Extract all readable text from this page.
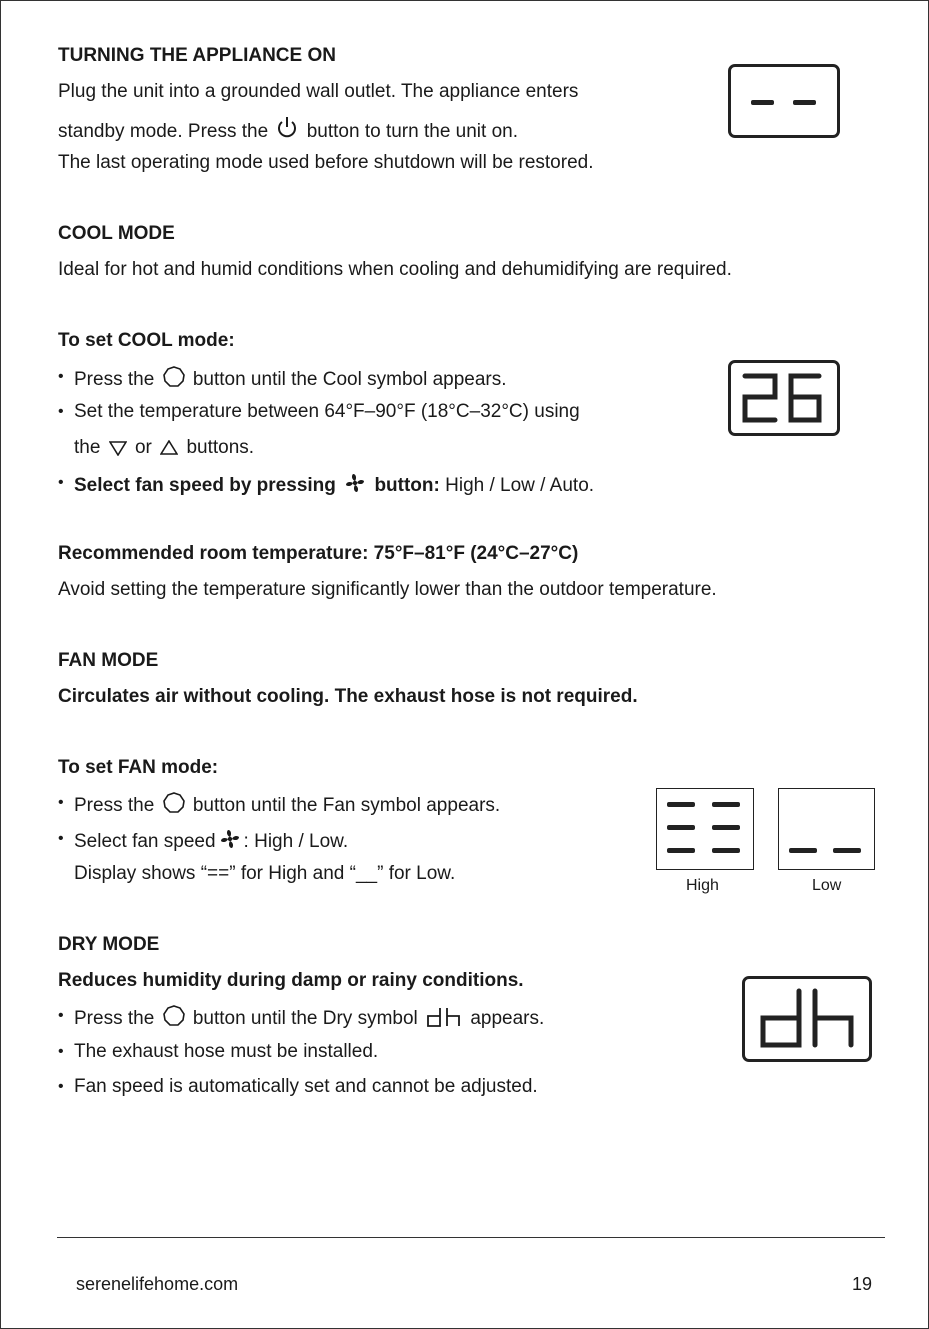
TURNING THE APPLIANCE ON
Plug the unit into a grounded wall outlet. The appliance enters
standby mode. Press the button to turn the unit on.
The last operating mode used before shutdown will be restored.
COOL MODE
Ideal for hot and humid conditions when cooling and dehumidifying are required.
To set COOL mode:
• Press the button until the Cool symbol appears.
• Set the temperature between 64°F–90°F (18°C–32°C) using
the or buttons.
• Select fan speed by pressing button: High / Low / Auto.
Recommended room temperature: 75°F–81°F (24°C–27°C)
Avoid setting the temperature significantly lower than the outdoor temperature.
FAN MODE
Circulates air without cooling. The exhaust hose is not required.
To set FAN mode:
• Press the button until the Fan symbol appears.
• Select fan speed : High / Low.
Display shows “==” for High and “__” for Low.
High	Low
DRY MODE
Reduces humidity during damp or rainy conditions.
• Press the button until the Dry symbol	appears.
• The exhaust hose must be installed.
• Fan speed is automatically set and cannot be adjusted.
serenelifehome.com	19
